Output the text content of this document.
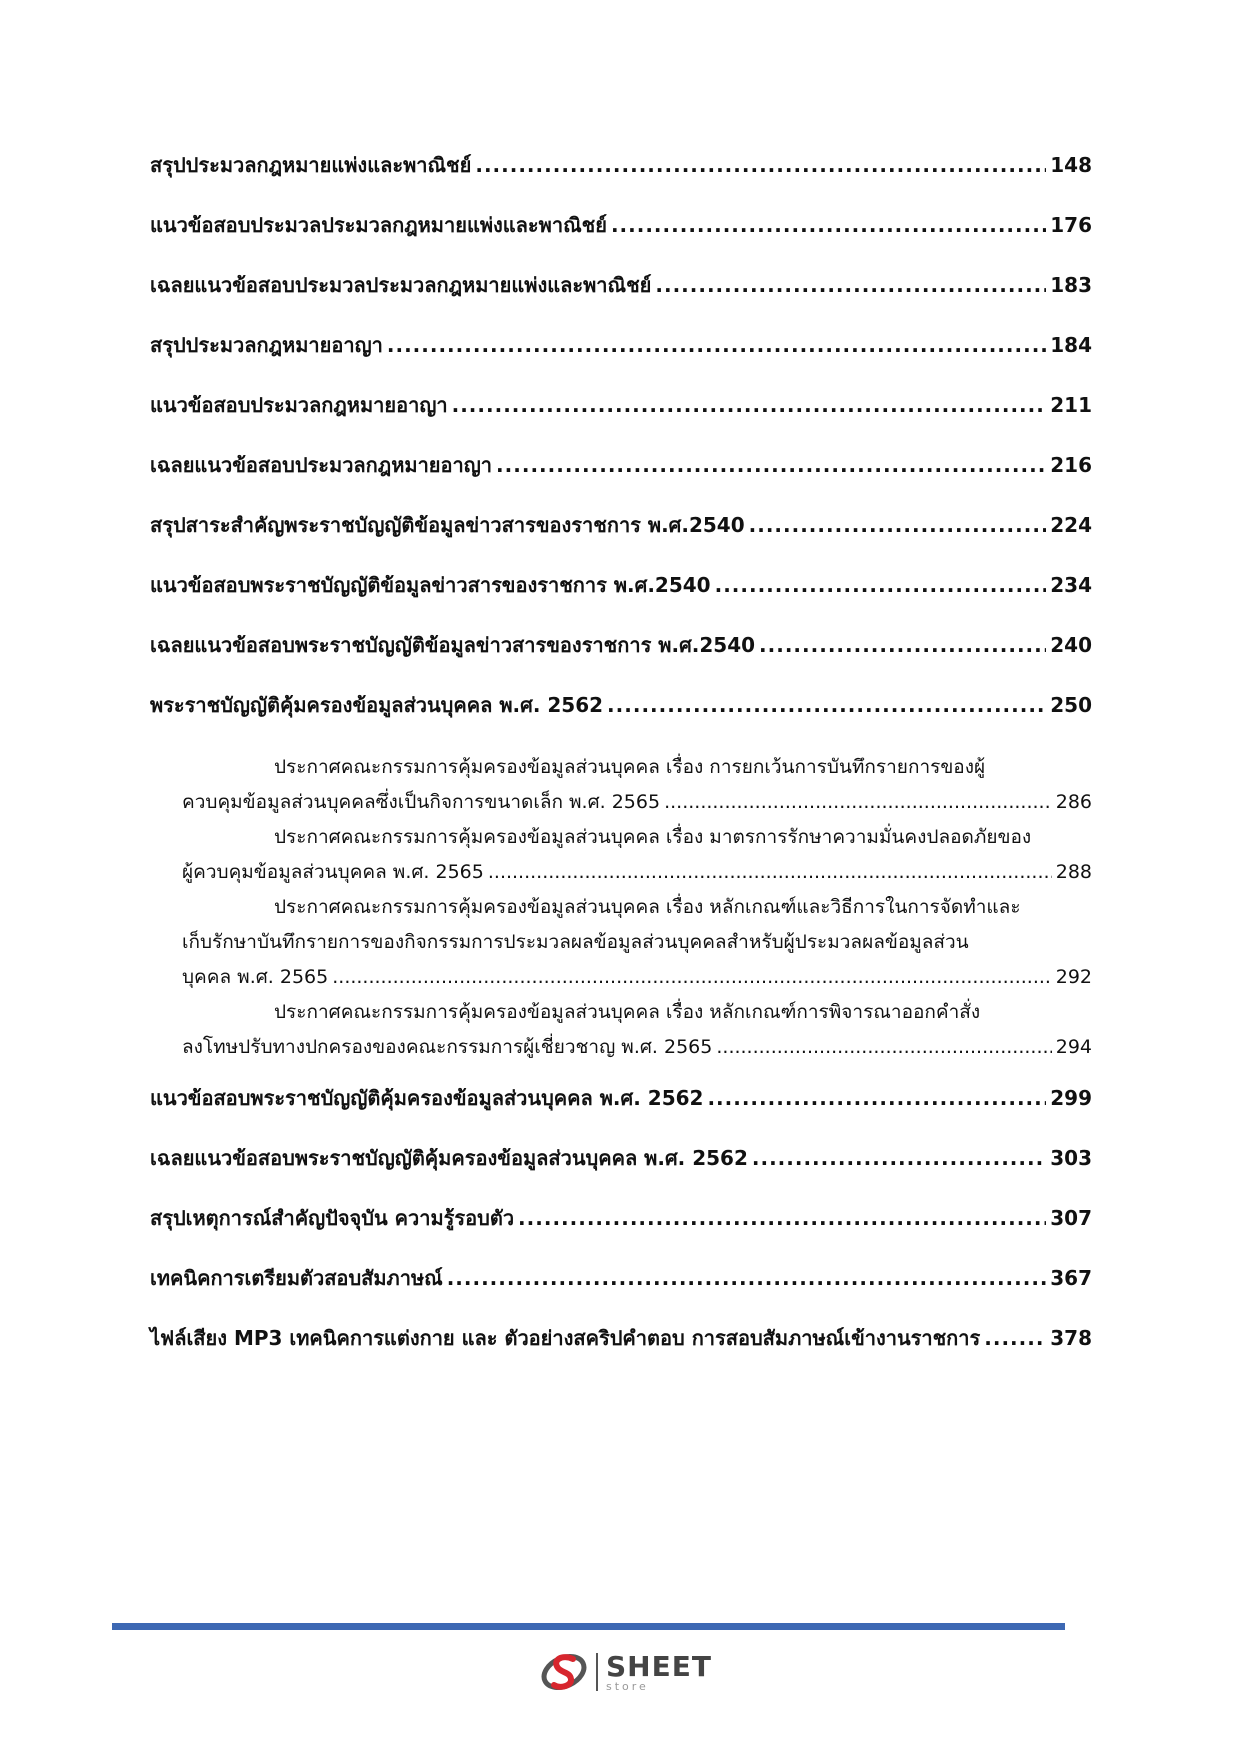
สรุปประมวลกฎหมายแพ่งและพาณิชย์ .....	148
แนวข้อสอบประมวลประมวลกฎหมายแพ่งและพาณิชย์ .....	176
เฉลยแนวข้อสอบประมวลประมวลกฎหมายแพ่งและพาณิชย์ .....	183
สรุปประมวลกฎหมายอาญา .....	184
แนวข้อสอบประมวลกฎหมายอาญา .....	211
เฉลยแนวข้อสอบประมวลกฎหมายอาญา .....	216
สรุปสาระสำคัญพระราชบัญญัติข้อมูลข่าวสารของราชการ พ.ศ.2540 .....	224
แนวข้อสอบพระราชบัญญัติข้อมูลข่าวสารของราชการ พ.ศ.2540 .....	234
เฉลยแนวข้อสอบพระราชบัญญัติข้อมูลข่าวสารของราชการ พ.ศ.2540 .....	240
พระราชบัญญัติคุ้มครองข้อมูลส่วนบุคคล พ.ศ. 2562 .....	250
ประกาศคณะกรรมการคุ้มครองข้อมูลส่วนบุคคล เรื่อง การยกเว้นการบันทึกรายการของผู้
ควบคุมข้อมูลส่วนบุคคลซึ่งเป็นกิจการขนาดเล็ก พ.ศ. 2565 .....	286
ประกาศคณะกรรมการคุ้มครองข้อมูลส่วนบุคคล เรื่อง มาตรการรักษาความมั่นคงปลอดภัยของ
ผู้ควบคุมข้อมูลส่วนบุคคล พ.ศ. 2565 .....	288
ประกาศคณะกรรมการคุ้มครองข้อมูลส่วนบุคคล เรื่อง หลักเกณฑ์และวิธีการในการจัดทำและ
เก็บรักษาบันทึกรายการของกิจกรรมการประมวลผลข้อมูลส่วนบุคคลสำหรับผู้ประมวลผลข้อมูลส่วน
บุคคล พ.ศ. 2565 .....	292
ประกาศคณะกรรมการคุ้มครองข้อมูลส่วนบุคคล เรื่อง หลักเกณฑ์การพิจารณาออกคำสั่ง
ลงโทษปรับทางปกครองของคณะกรรมการผู้เชี่ยวชาญ พ.ศ. 2565 .....	294
แนวข้อสอบพระราชบัญญัติคุ้มครองข้อมูลส่วนบุคคล พ.ศ. 2562 .....	299
เฉลยแนวข้อสอบพระราชบัญญัติคุ้มครองข้อมูลส่วนบุคคล พ.ศ. 2562 .....	303
สรุปเหตุการณ์สำคัญปัจจุบัน ความรู้รอบตัว .....	307
เทคนิคการเตรียมตัวสอบสัมภาษณ์ .....	367
ไฟล์เสียง MP3 เทคนิคการแต่งกาย และ ตัวอย่างสคริปคำตอบ การสอบสัมภาษณ์เข้างานราชการ .....	378
SHEET
store
